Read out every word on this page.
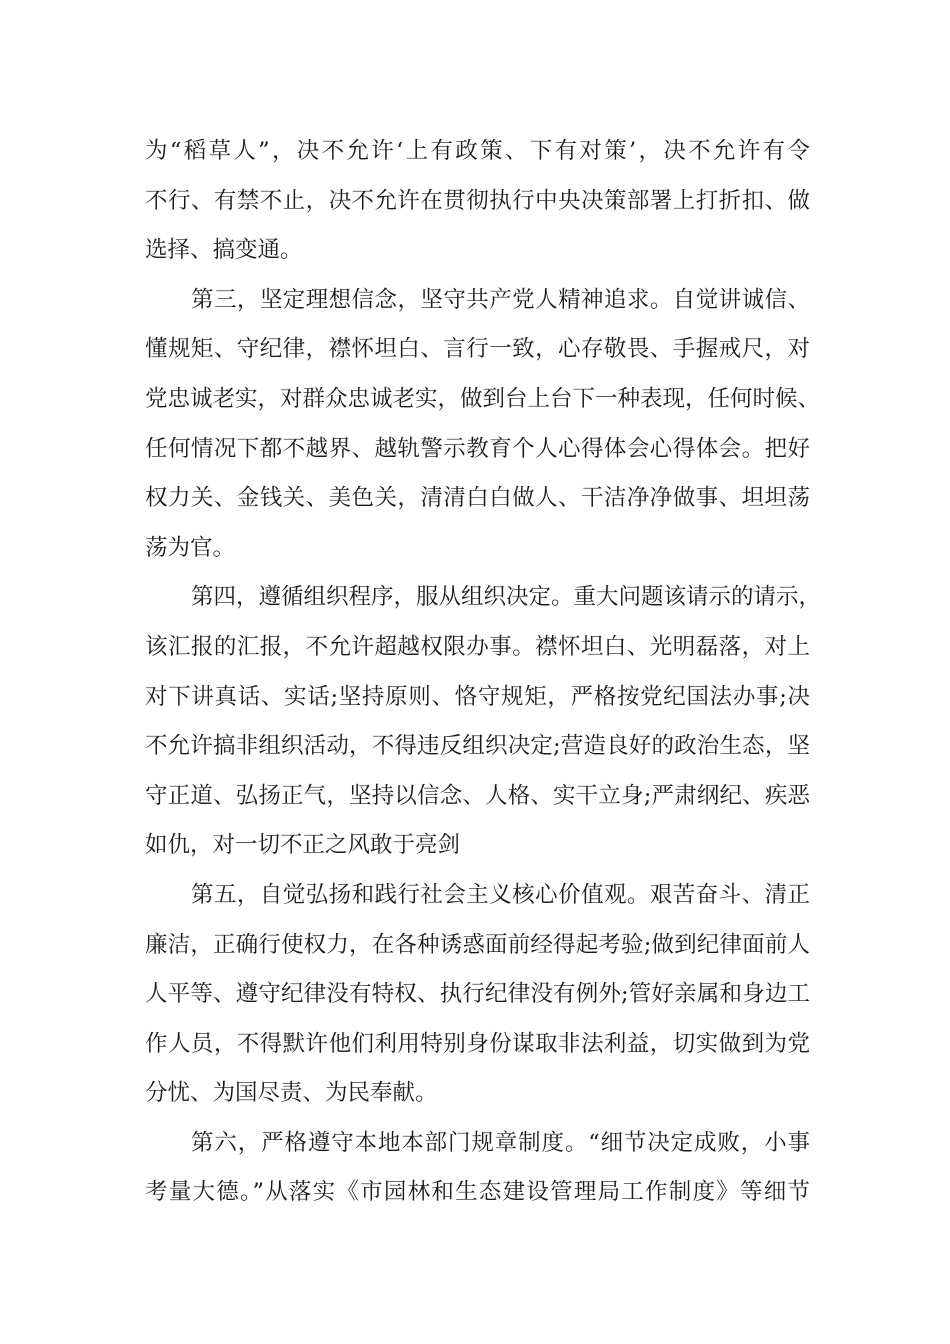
为“稻草人”，决不允许‘上有政策、下有对策’，决不允许有令
不行、有禁不止，决不允许在贯彻执行中央决策部署上打折扣、做
选择、搞变通。
第三，坚定理想信念，坚守共产党人精神追求。自觉讲诚信、
懂规矩、守纪律，襟怀坦白、言行一致，心存敬畏、手握戒尺，对
党忠诚老实，对群众忠诚老实，做到台上台下一种表现，任何时候、
任何情况下都不越界、越轨警示教育个人心得体会心得体会。把好
权力关、金钱关、美色关，清清白白做人、干洁净净做事、坦坦荡
荡为官。
第四，遵循组织程序，服从组织决定。重大问题该请示的请示，
该汇报的汇报，不允许超越权限办事。襟怀坦白、光明磊落，对上
对下讲真话、实话;坚持原则、恪守规矩，严格按党纪国法办事;决
不允许搞非组织活动，不得违反组织决定;营造良好的政治生态，坚
守正道、弘扬正气，坚持以信念、人格、实干立身;严肃纲纪、疾恶
如仇，对一切不正之风敢于亮剑
第五，自觉弘扬和践行社会主义核心价值观。艰苦奋斗、清正
廉洁，正确行使权力，在各种诱惑面前经得起考验;做到纪律面前人
人平等、遵守纪律没有特权、执行纪律没有例外;管好亲属和身边工
作人员，不得默许他们利用特别身份谋取非法利益，切实做到为党
分忧、为国尽责、为民奉献。
第六，严格遵守本地本部门规章制度。“细节决定成败，小事
考量大德。”从落实《市园林和生态建设管理局工作制度》等细节
